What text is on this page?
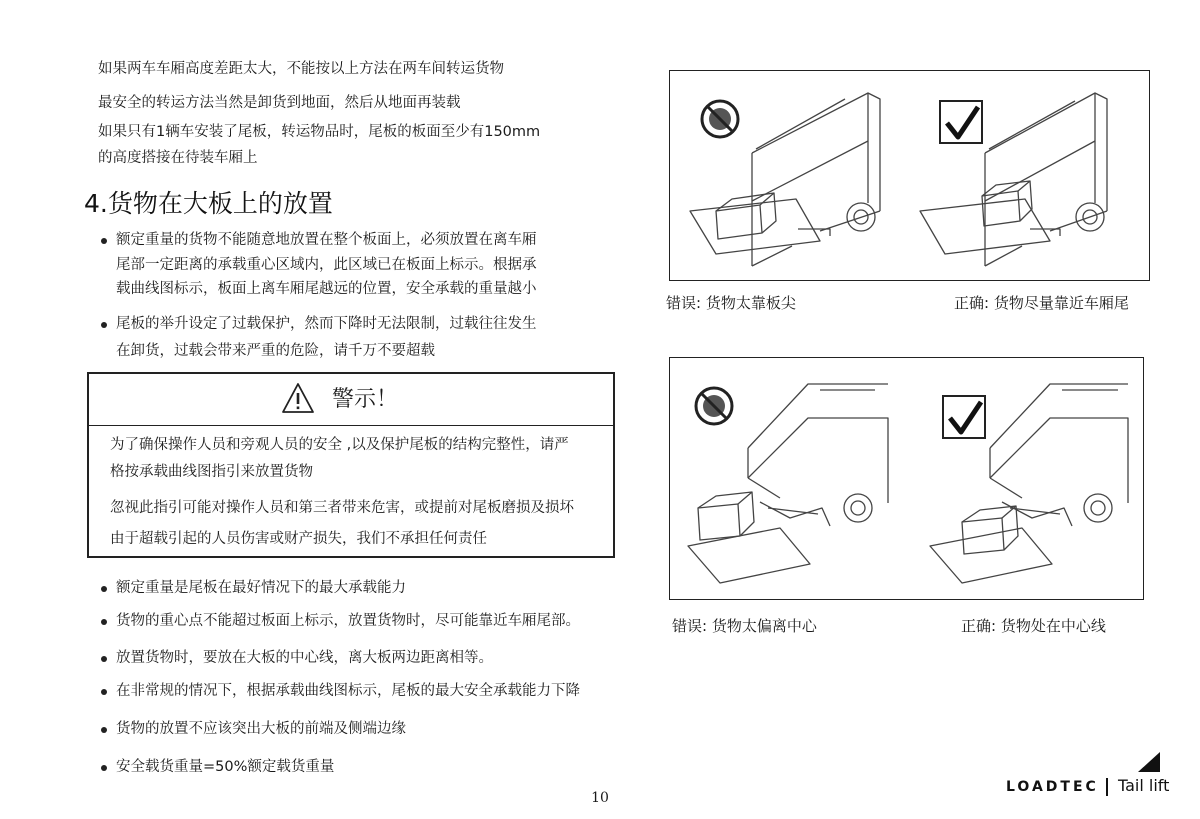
如果两车车厢高度差距太大，不能按以上方法在两车间转运货物

最安全的转运方法当然是卸货到地面，然后从地面再装载

如果只有1辆车安装了尾板，转运物品时，尾板的板面至少有150mm

的高度搭接在待装车厢上

4.货物在大板上的放置

额定重量的货物不能随意地放置在整个板面上，必须放置在离车厢

尾部一定距离的承载重心区域内，此区域已在板面上标示。根据承

载曲线图标示，板面上离车厢尾越远的位置，安全承载的重量越小

尾板的举升设定了过载保护，然而下降时无法限制，过载往往发生

在卸货，过载会带来严重的危险，请千万不要超载

警示！

为了确保操作人员和旁观人员的安全 ,以及保护尾板的结构完整性，请严

格按承载曲线图指引来放置货物

忽视此指引可能对操作人员和第三者带来危害，或提前对尾板磨损及损坏

由于超载引起的人员伤害或财产损失，我们不承担任何责任

额定重量是尾板在最好情况下的最大承载能力

货物的重心点不能超过板面上标示，放置货物时，尽可能靠近车厢尾部。

放置货物时，要放在大板的中心线，离大板两边距离相等。

在非常规的情况下，根据承载曲线图标示，尾板的最大安全承载能力下降

货物的放置不应该突出大板的前端及侧端边缘

安全载货重量=50%额定载货重量

错误: 货物太靠板尖	正确: 货物尽量靠近车厢尾
错误: 货物太偏离中心	正确: 货物处在中心线
10
LOADTEC Tail lift
